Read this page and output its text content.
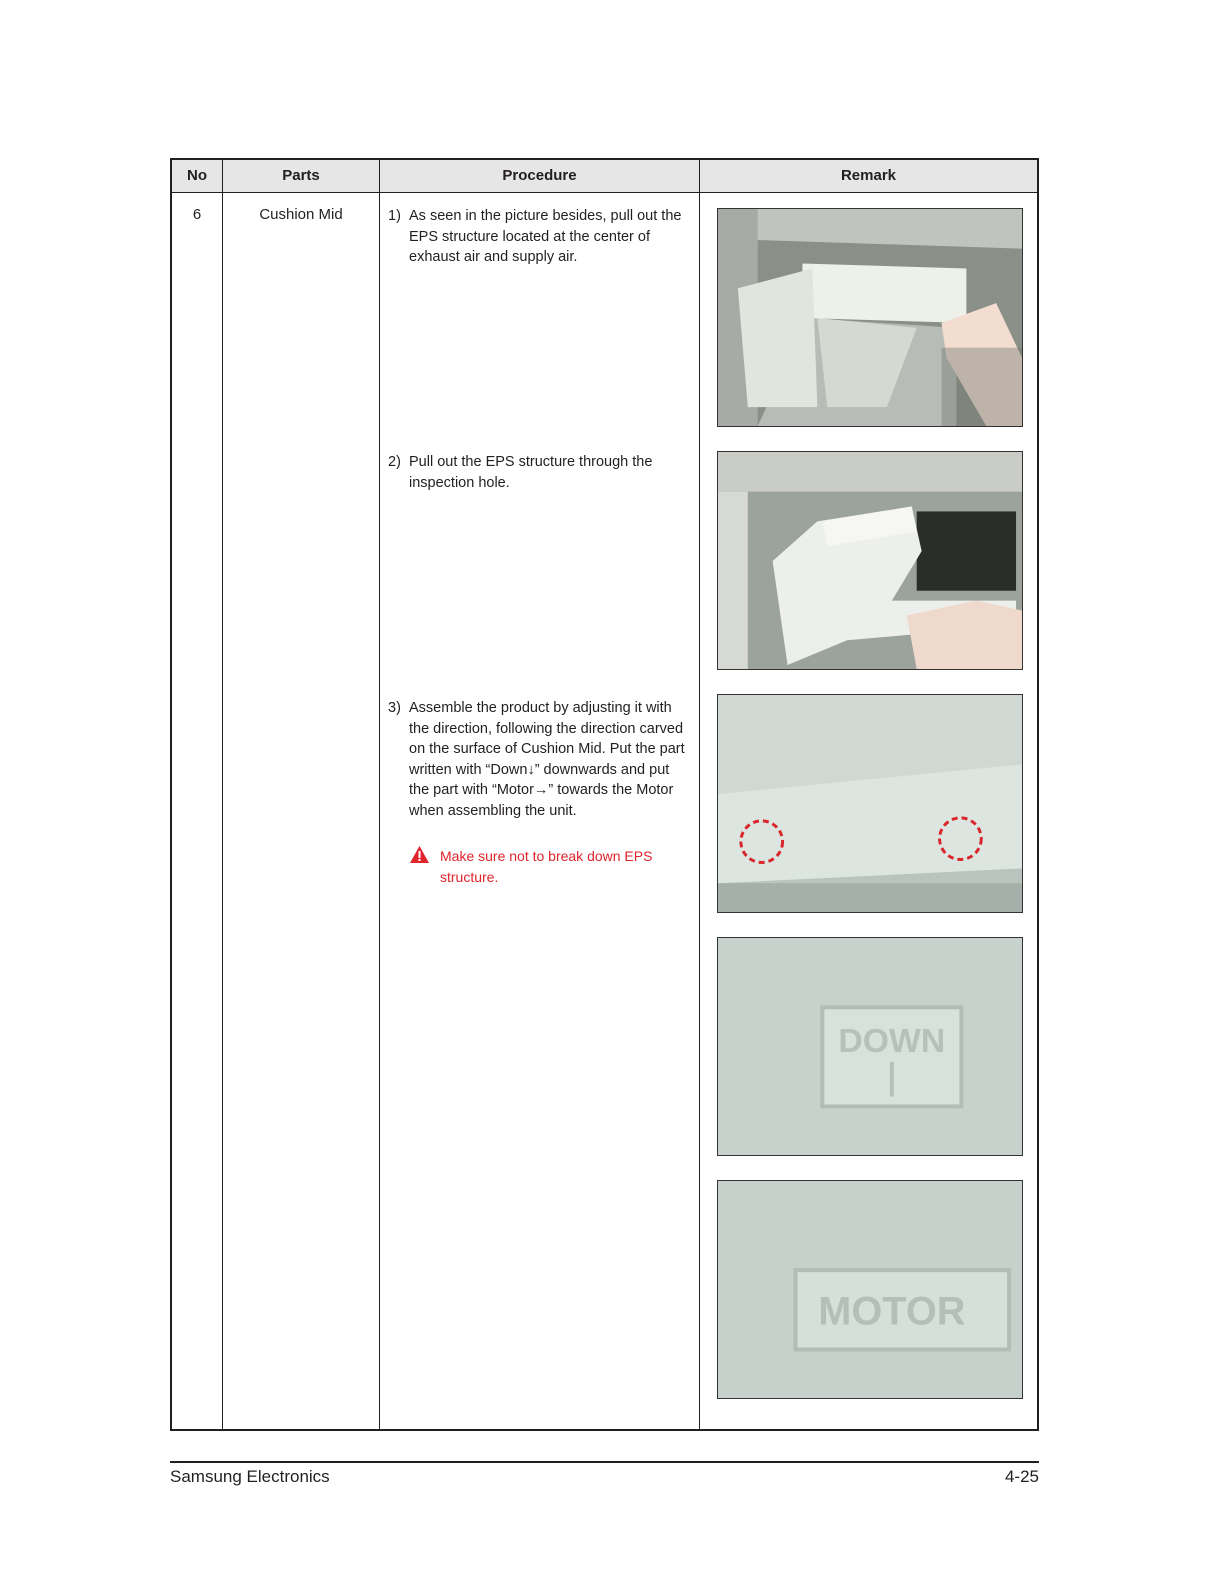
No	Parts	Procedure	Remark
6	Cushion Mid	1) As seen in the picture besides, pull out the EPS structure located at the center of exhaust air and supply air.
2) Pull out the EPS structure through the inspection hole.
3) Assemble the product by adjusting it with the direction, following the direction carved on the surface of Cushion Mid. Put the part written with “Down↓” downwards and put the part with “Motor→” towards the Motor when assembling the unit.
Make sure not to break down EPS structure.
DOWN
MOTOR
Samsung Electronics	4-25
